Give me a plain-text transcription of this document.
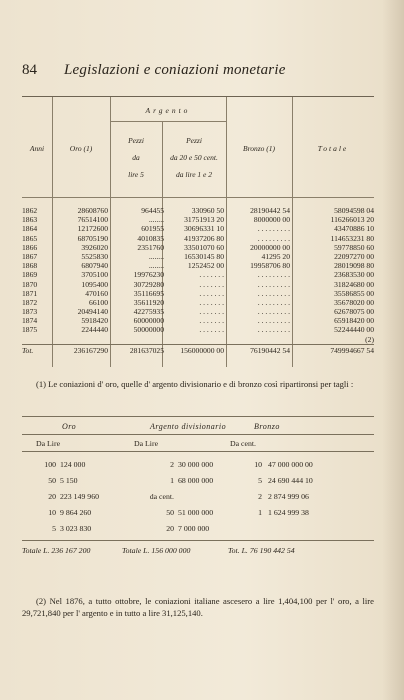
84 Legislazioni e coniazioni monetarie
Anni	Oro (1)
Argento
Pezzi
da
lire 5
Pezzi
da 20 e 50 cent.
da lire 1 e 2
Bronzo (1)	Totale
1862	28608760	964455	330960 50	28190442 54	58094598 04
1863	76514100	........	31751913 20	8000000 00	116266013 20
1864	12172600	601955	30696331 10	. . . . . . . . .	43470886 10
1865	68705190	4010835	41937206 80	. . . . . . . . .	114653231 80
1866	3926020	2351760	33501070 60	20000000 00	59778850 60
1867	5525830	........	16530145 80	41295 20	22097270 00
1868	6807940	........	1252452 00	19958706 80	28019098 80
1869	3705100	19976230	. . . . . . .	. . . . . . . . .	23683530 00
1870	1095400	30729280	. . . . . . .	. . . . . . . . .	31824680 00
1871	470160	35116695	. . . . . . .	. . . . . . . . .	35586855 00
1872	66100	35611920	. . . . . . .	. . . . . . . . .	35678020 00
1873	20494140	42275935	. . . . . . .	. . . . . . . . .	62678075 00
1874	5918420	60000000	. . . . . . .	. . . . . . . . .	65918420 00
1875	2244440	50000000	. . . . . . .	. . . . . . . . .	52244440 00
(2)
Tot.	236167290	281637025	156000000 00	76190442 54	749994667 54
(1) Le coniazioni d' oro, quelle d' argento divisionario e di bronzo così ripartironsi per tagli :
Oro	Argento divisionario	Bronzo
Da Lire	Da Lire	Da cent.
100 124 000	2 30 000 000	10 47 000 000 00
50 5 150	1 68 000 000	5 24 690 444 10
20 223 149 960	da cent.	2 2 874 999 06
10 9 864 260	50 51 000 000	1 1 624 999 38
5 3 023 830	20 7 000 000
Totale L. 236 167 200	Totale L. 156 000 000	Tot. L. 76 190 442 54
(2) Nel 1876, a tutto ottobre, le coniazioni italiane ascesero a lire 1,404,100 per l' oro, a lire 29,721,840 per l' argento e in tutto a lire 31,125,140.
